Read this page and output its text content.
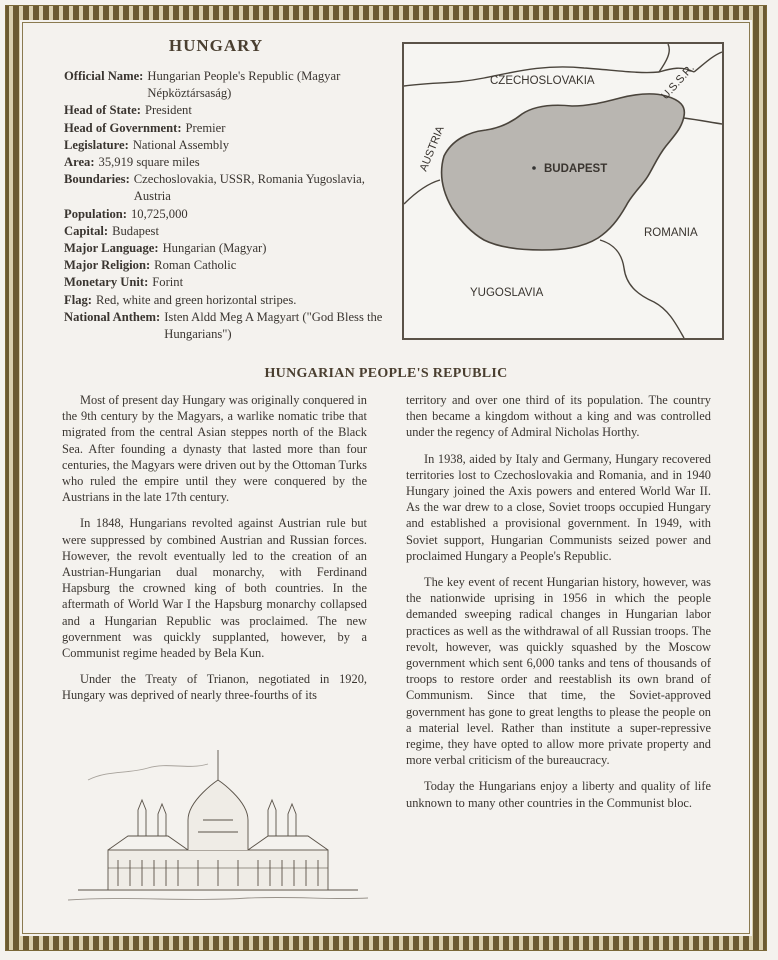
HUNGARY
Official Name: Hungarian People's Republic (Magyar Népköztársaság)
Head of State: President
Head of Government: Premier
Legislature: National Assembly
Area: 35,919 square miles
Boundaries: Czechoslovakia, USSR, Romania Yugoslavia, Austria
Population: 10,725,000
Capital: Budapest
Major Language: Hungarian (Magyar)
Major Religion: Roman Catholic
Monetary Unit: Forint
Flag: Red, white and green horizontal stripes.
National Anthem: Isten Aldd Meg A Magyart ("God Bless the Hungarians")
CZECHOSLOVAKIA	U.S.S.R.
AUSTRIA	BUDAPEST
ROMANIA
YUGOSLAVIA
HUNGARIAN PEOPLE'S REPUBLIC

Most of present day Hungary was originally conquered in the 9th century by the Magyars, a warlike nomatic tribe that migrated from the central Asian steppes north of the Black Sea. After founding a dynasty that lasted more than four centuries, the Magyars were driven out by the Ottoman Turks who ruled the empire until they were conquered by the Austrians in the late 17th century.

In 1848, Hungarians revolted against Austrian rule but were suppressed by combined Austrian and Russian forces. However, the revolt eventually led to the creation of an Austrian-Hungarian dual monarchy, with Ferdinand Hapsburg the crowned king of both countries. In the aftermath of World War I the Hapsburg monarchy collapsed and a Hungarian Republic was proclaimed. The new government was quickly supplanted, however, by a Communist regime headed by Bela Kun.

Under the Treaty of Trianon, negotiated in 1920, Hungary was deprived of nearly three-fourths of its

territory and over one third of its population. The country then became a kingdom without a king and was controlled under the regency of Admiral Nicholas Horthy.

In 1938, aided by Italy and Germany, Hungary recovered territories lost to Czechoslovakia and Romania, and in 1940 Hungary joined the Axis powers and entered World War II. As the war drew to a close, Soviet troops occupied Hungary and established a provisional government. In 1949, with Soviet support, Hungarian Communists seized power and proclaimed Hungary a People's Republic.

The key event of recent Hungarian history, however, was the nationwide uprising in 1956 in which the people demanded sweeping radical changes in Hungarian labor practices as well as the withdrawal of all Russian troops. The revolt, however, was quickly squashed by the Moscow government which sent 6,000 tanks and tens of thousands of troops to restore order and reestablish its own brand of Communism. Since that time, the Soviet-approved government has gone to great lengths to please the people on a material level. Rather than institute a super-repressive regime, they have opted to allow more private property and more verbal criticism of the bureaucracy.

Today the Hungarians enjoy a liberty and quality of life unknown to many other countries in the Communist bloc.
